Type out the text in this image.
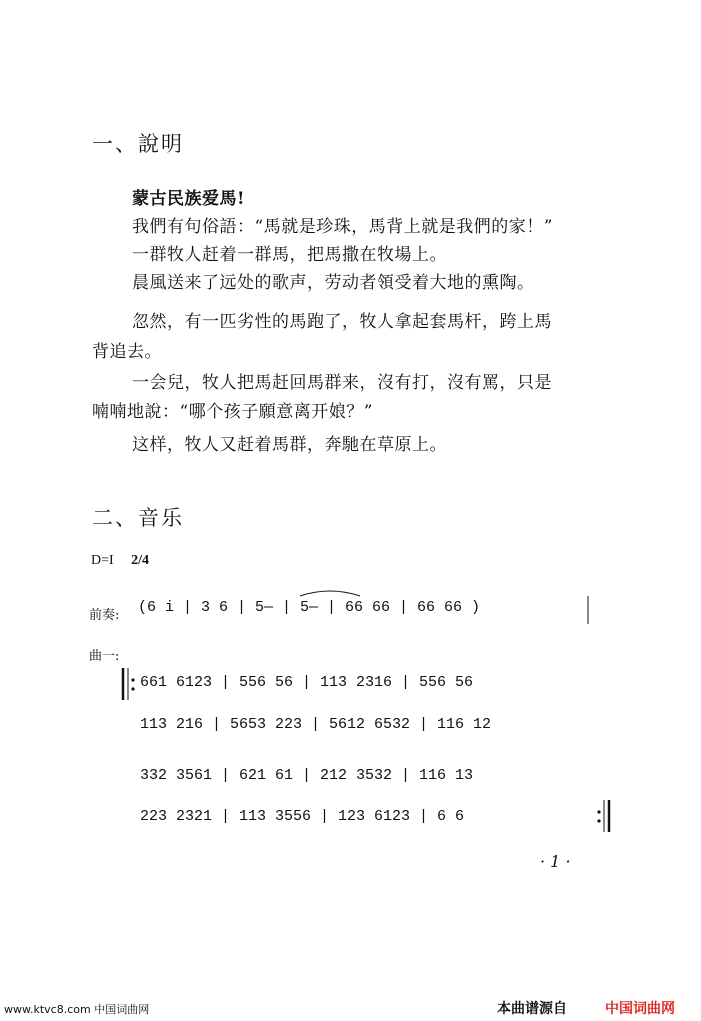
一、說明
蒙古民族爱馬!
我們有句俗語：“馬就是珍珠，馬背上就是我們的家！”
一群牧人赶着一群馬，把馬撒在牧場上。
晨風送来了远处的歌声，劳动者領受着大地的熏陶。
忽然，有一匹劣性的馬跑了，牧人拿起套馬杆，跨上馬
背追去。
一会兒，牧人把馬赶回馬群来，沒有打，沒有罵，只是
喃喃地說：“哪个孩子願意离开娘？”
这样，牧人又赶着馬群，奔馳在草原上。
二、音乐
D=I 2/4
前奏: (6 i | 3 6 | 5— | 5— | 66 66 | 66 66 )
曲一:
661 6123 | 556 56 | 113 2316 | 556 56
113 216 | 5653 223 | 5612 6532 | 116 12
332 3561 | 621 61 | 212 3532 | 116 13
223 2321 | 113 3556 | 123 6123 | 6 6
· 1 ·
www.ktvc8.com 中国词曲网	本曲谱源自	中国词曲网
